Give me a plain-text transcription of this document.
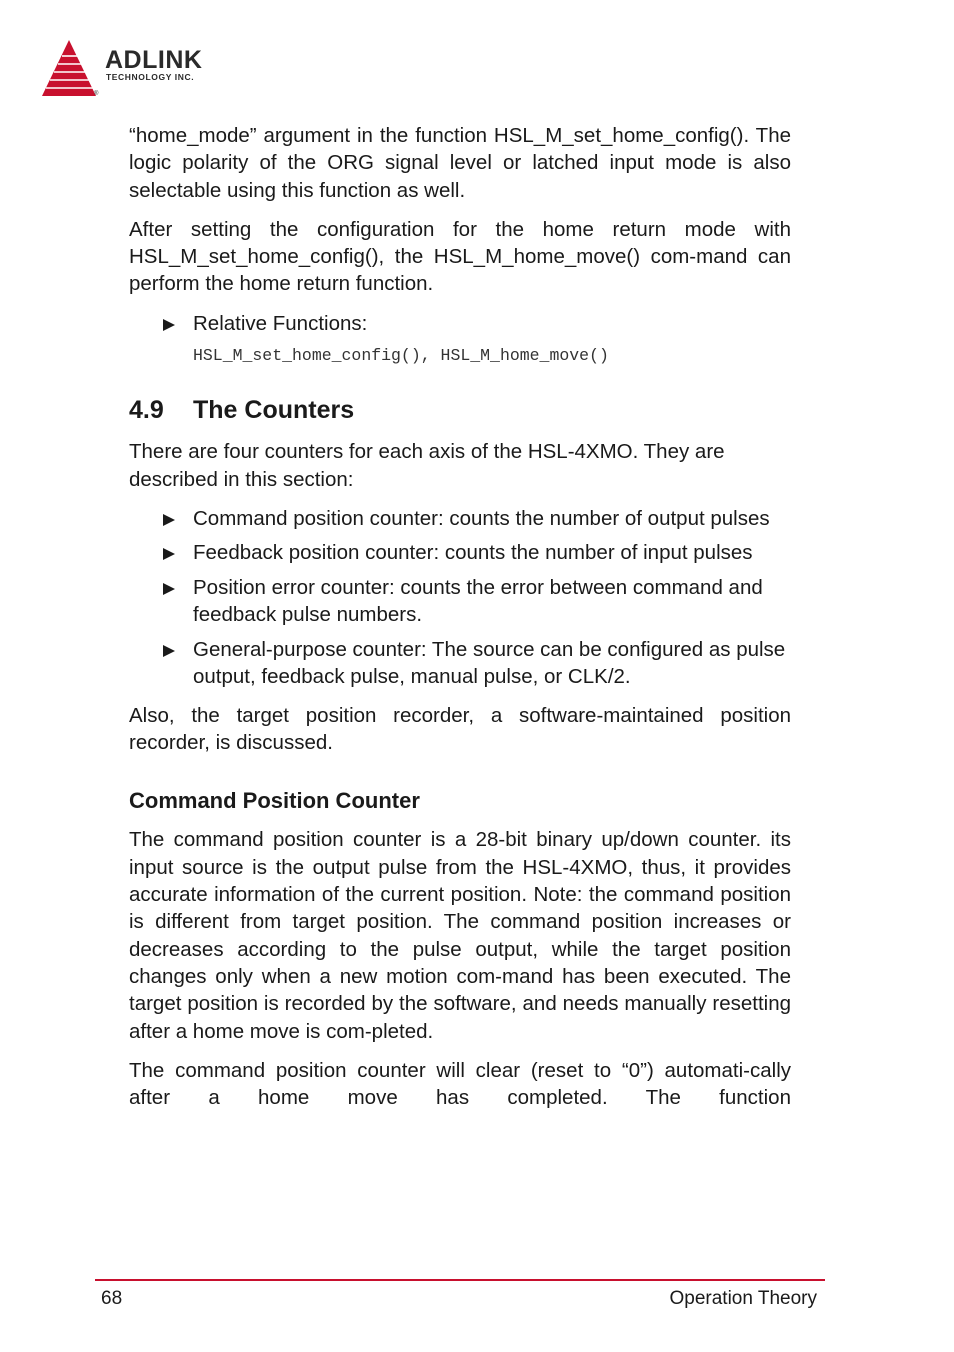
ADLINK
TECHNOLOGY INC.
®

“home_mode” argument in the function HSL_M_set_home_config(). The logic polarity of the ORG signal level or latched input mode is also selectable using this function as well.

After setting the configuration for the home return mode with HSL_M_set_home_config(), the HSL_M_home_move() com-mand can perform the home return function.

Relative Functions:
HSL_M_set_home_config(), HSL_M_home_move()
4.9 The Counters

There are four counters for each axis of the HSL-4XMO. They are described in this section:

Command position counter: counts the number of output pulses
Feedback position counter: counts the number of input pulses
Position error counter: counts the error between command and feedback pulse numbers.
General-purpose counter: The source can be configured as pulse output, feedback pulse, manual pulse, or CLK/2.

Also, the target position recorder, a software-maintained position recorder, is discussed.

Command Position Counter

The command position counter is a 28-bit binary up/down counter. its input source is the output pulse from the HSL-4XMO, thus, it provides accurate information of the current position. Note: the command position is different from target position. The command position increases or decreases according to the pulse output, while the target position changes only when a new motion com-mand has been executed. The target position is recorded by the software, and needs manually resetting after a home move is com-pleted.

The command position counter will clear (reset to “0”) automati-cally after a home move has completed. The function

68	Operation Theory
